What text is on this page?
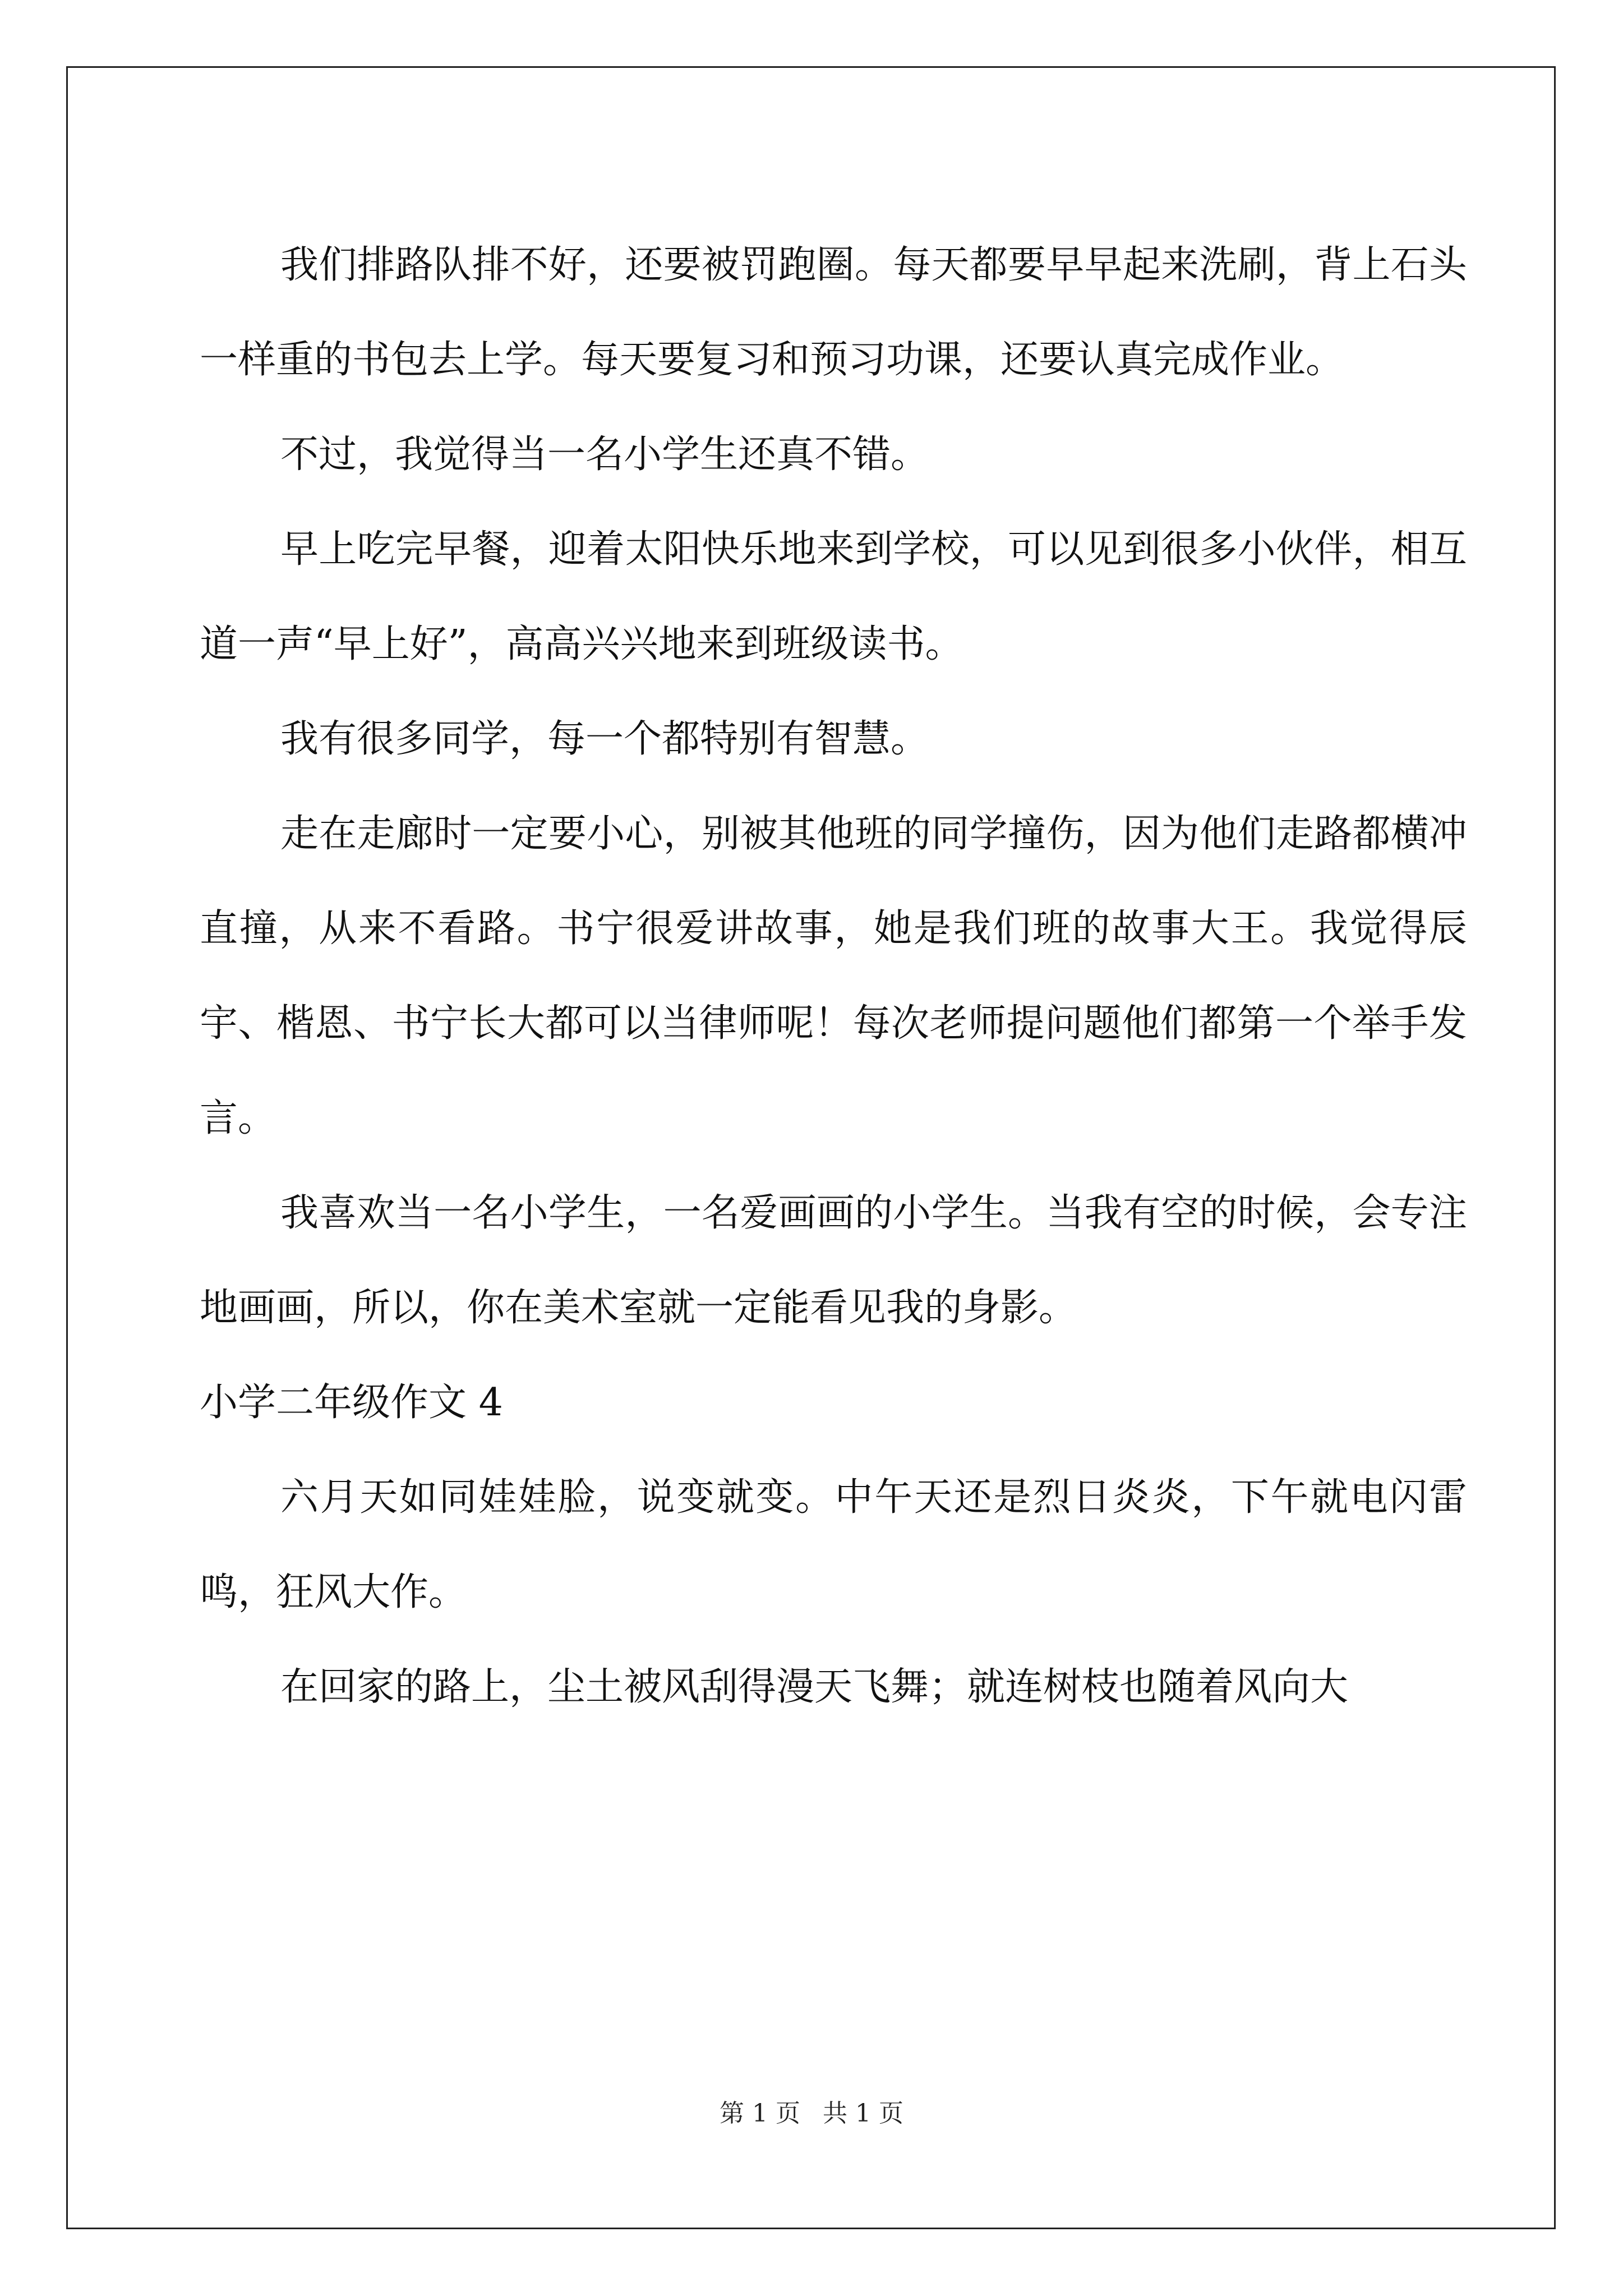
我们排路队排不好，还要被罚跑圈。每天都要早早起来洗刷，背上石头一样重的书包去上学。每天要复习和预习功课，还要认真完成作业。

不过，我觉得当一名小学生还真不错。

早上吃完早餐，迎着太阳快乐地来到学校，可以见到很多小伙伴，相互道一声“早上好”，高高兴兴地来到班级读书。

我有很多同学，每一个都特别有智慧。

走在走廊时一定要小心，别被其他班的同学撞伤，因为他们走路都横冲直撞，从来不看路。书宁很爱讲故事，她是我们班的故事大王。我觉得辰宇、楷恩、书宁长大都可以当律师呢！每次老师提问题他们都第一个举手发言。

我喜欢当一名小学生，一名爱画画的小学生。当我有空的时候，会专注地画画，所以，你在美术室就一定能看见我的身影。

小学二年级作文 4

六月天如同娃娃脸，说变就变。中午天还是烈日炎炎，下午就电闪雷鸣，狂风大作。

在回家的路上，尘土被风刮得漫天飞舞；就连树枝也随着风向大

第 1 页 共 1 页
